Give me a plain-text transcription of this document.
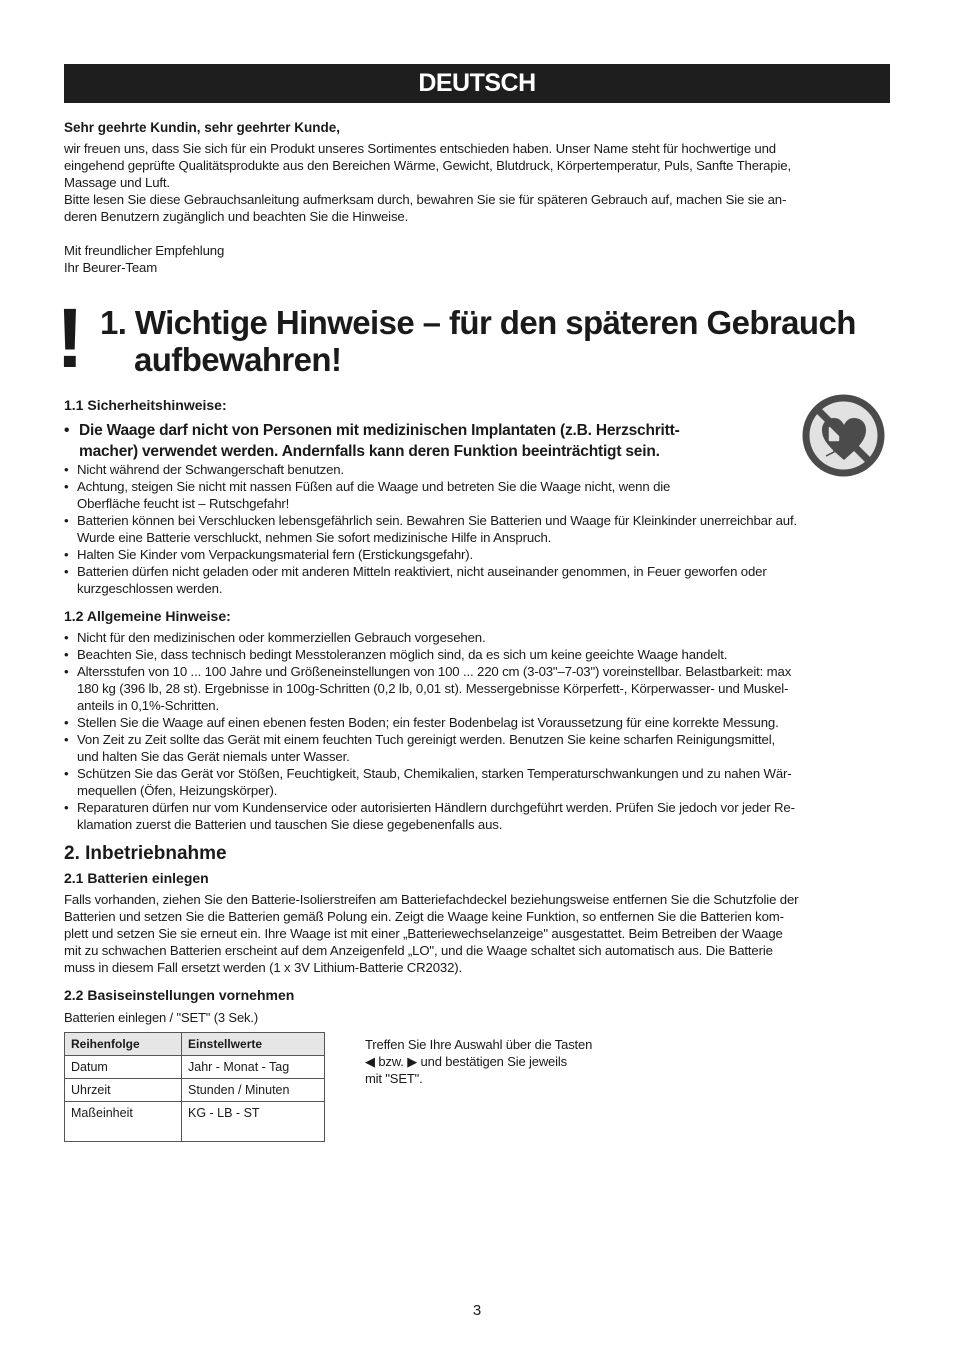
DEUTSCH
Sehr geehrte Kundin, sehr geehrter Kunde,
wir freuen uns, dass Sie sich für ein Produkt unseres Sortimentes entschieden haben. Unser Name steht für hochwertige und
eingehend geprüfte Qualitätsprodukte aus den Bereichen Wärme, Gewicht, Blutdruck, Körpertemperatur, Puls, Sanfte Therapie,
Massage und Luft.
Bitte lesen Sie diese Gebrauchsanleitung aufmerksam durch, bewahren Sie sie für späteren Gebrauch auf, machen Sie sie an-
deren Benutzern zugänglich und beachten Sie die Hinweise.
Mit freundlicher Empfehlung
Ihr Beurer-Team
! 1. Wichtige Hinweise – für den späteren Gebrauch
aufbewahren!
1.1 Sicherheitshinweise:
• Die Waage darf nicht von Personen mit medizinischen Implantaten (z.B. Herzschritt-
macher) verwendet werden. Andernfalls kann deren Funktion beeinträchtigt sein.
• Nicht während der Schwangerschaft benutzen.
• Achtung, steigen Sie nicht mit nassen Füßen auf die Waage und betreten Sie die Waage nicht, wenn die
Oberfläche feucht ist – Rutschgefahr!
• Batterien können bei Verschlucken lebensgefährlich sein. Bewahren Sie Batterien und Waage für Kleinkinder unerreichbar auf.
Wurde eine Batterie verschluckt, nehmen Sie sofort medizinische Hilfe in Anspruch.
• Halten Sie Kinder vom Verpackungsmaterial fern (Erstickungsgefahr).
• Batterien dürfen nicht geladen oder mit anderen Mitteln reaktiviert, nicht auseinander genommen, in Feuer geworfen oder
kurzgeschlossen werden.
1.2 Allgemeine Hinweise:
• Nicht für den medizinischen oder kommerziellen Gebrauch vorgesehen.
• Beachten Sie, dass technisch bedingt Messtoleranzen möglich sind, da es sich um keine geeichte Waage handelt.
• Altersstufen von 10 ... 100 Jahre und Größeneinstellungen von 100 ... 220 cm (3-03"–7-03") voreinstellbar. Belastbarkeit: max
180 kg (396 lb, 28 st). Ergebnisse in 100g-Schritten (0,2 lb, 0,01 st). Messergebnisse Körperfett-, Körperwasser- und Muskel-
anteils in 0,1%-Schritten.
• Stellen Sie die Waage auf einen ebenen festen Boden; ein fester Bodenbelag ist Voraussetzung für eine korrekte Messung.
• Von Zeit zu Zeit sollte das Gerät mit einem feuchten Tuch gereinigt werden. Benutzen Sie keine scharfen Reinigungsmittel,
und halten Sie das Gerät niemals unter Wasser.
• Schützen Sie das Gerät vor Stößen, Feuchtigkeit, Staub, Chemikalien, starken Temperaturschwankungen und zu nahen Wär-
mequellen (Öfen, Heizungskörper).
• Reparaturen dürfen nur vom Kundenservice oder autorisierten Händlern durchgeführt werden. Prüfen Sie jedoch vor jeder Re-
klamation zuerst die Batterien und tauschen Sie diese gegebenenfalls aus.
2. Inbetriebnahme
2.1 Batterien einlegen
Falls vorhanden, ziehen Sie den Batterie-Isolierstreifen am Batteriefachdeckel beziehungsweise entfernen Sie die Schutzfolie der
Batterien und setzen Sie die Batterien gemäß Polung ein. Zeigt die Waage keine Funktion, so entfernen Sie die Batterien kom-
plett und setzen Sie sie erneut ein. Ihre Waage ist mit einer „Batteriewechselanzeige" ausgestattet. Beim Betreiben der Waage
mit zu schwachen Batterien erscheint auf dem Anzeigenfeld „LO", und die Waage schaltet sich automatisch aus. Die Batterie
muss in diesem Fall ersetzt werden (1 x 3V Lithium-Batterie CR2032).
2.2 Basiseinstellungen vornehmen
Batterien einlegen / "SET" (3 Sek.)
Reihenfolge	Einstellwerte
Datum	Jahr - Monat - Tag
Uhrzeit	Stunden / Minuten
Maßeinheit	KG - LB - ST
Treffen Sie Ihre Auswahl über die Tasten
◀ bzw. ▶ und bestätigen Sie jeweils
mit "SET".
3
